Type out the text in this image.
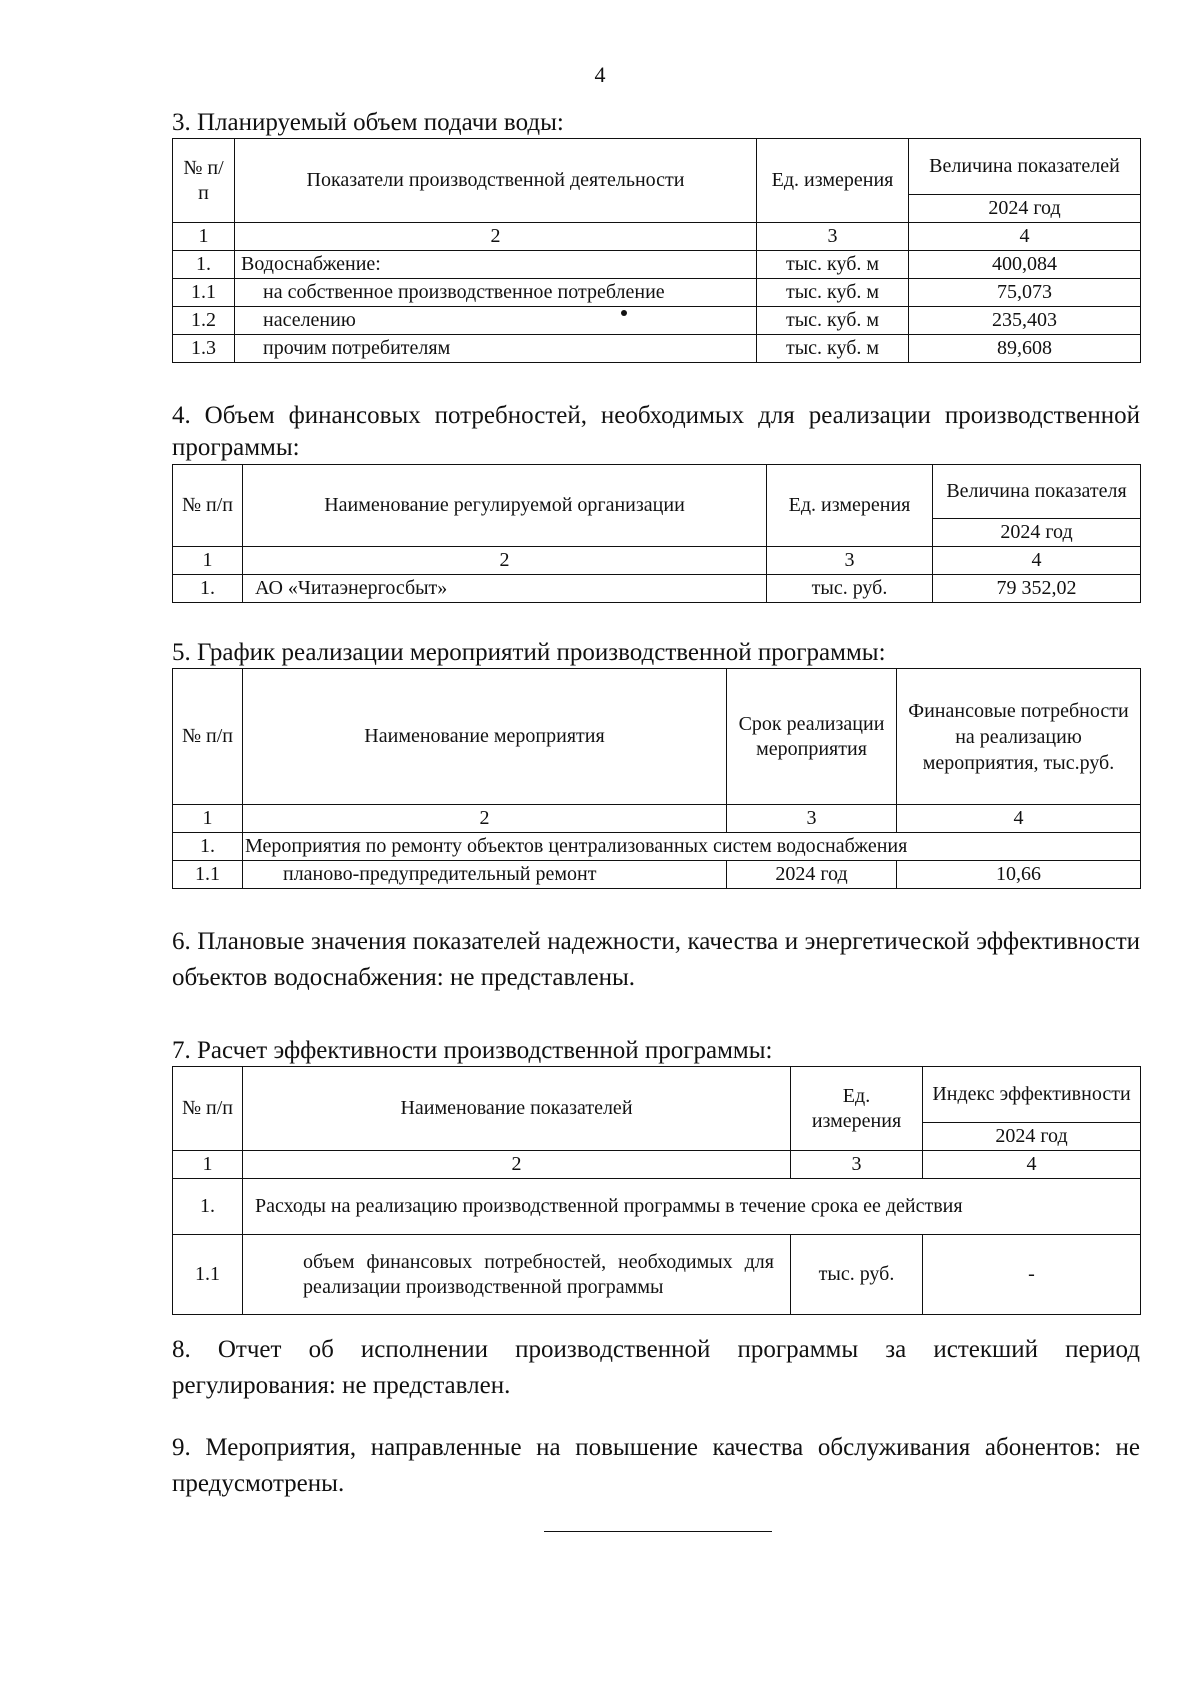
4

3. Планируемый объем подачи воды:

№ п/п	Показатели производственной деятельности	Ед. измерения	Величина показателей
			2024 год
1	2	3	4
1.	Водоснабжение:	тыс. куб. м	400,084
1.1	на собственное производственное потребление	тыс. куб. м	75,073
1.2	населению	тыс. куб. м	235,403
1.3	прочим потребителям	тыс. куб. м	89,608

4. Объем финансовых потребностей, необходимых для реализации производственной программы:

№ п/п	Наименование регулируемой организации	Ед. измерения	Величина показателя
			2024 год
1	2	3	4
1.	АО «Читаэнергосбыт»	тыс. руб.	79 352,02

5. График реализации мероприятий производственной программы:

№ п/п	Наименование мероприятия	Срок реализации мероприятия	Финансовые потребности на реализацию мероприятия, тыс.руб.
1	2	3	4
1.	Мероприятия по ремонту объектов централизованных систем водоснабжения		
1.1	планово-предупредительный ремонт	2024 год	10,66

6. Плановые значения показателей надежности, качества и энергетической эффективности объектов водоснабжения: не представлены.

7. Расчет эффективности производственной программы:

№ п/п	Наименование показателей	Ед. измерения	Индекс эффективности
			2024 год
1	2	3	4
1.	Расходы на реализацию производственной программы в течение срока ее действия		
1.1	объем финансовых потребностей, необходимых для реализации производственной программы	тыс. руб.	-

8. Отчет об исполнении производственной программы за истекший период регулирования: не представлен.

9. Мероприятия, направленные на повышение качества обслуживания абонентов: не предусмотрены.
